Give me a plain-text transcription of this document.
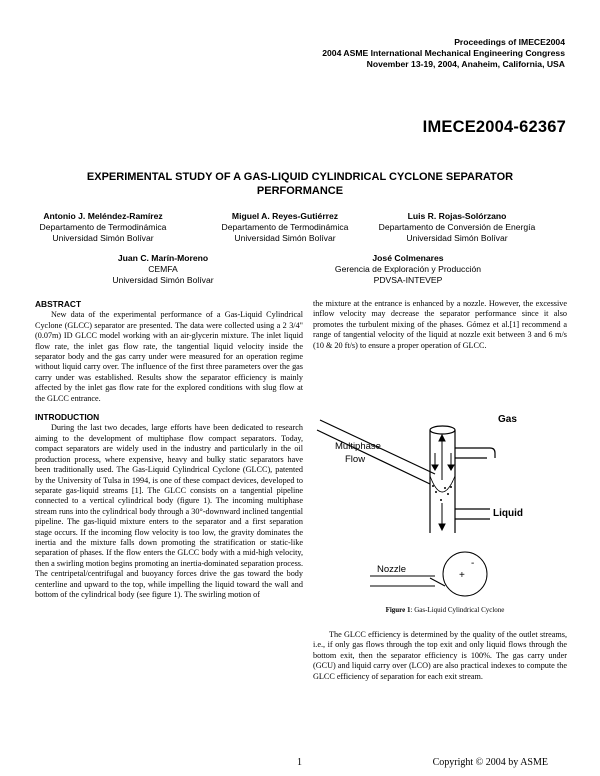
Proceedings of IMECE2004
2004 ASME International Mechanical Engineering Congress
November 13-19, 2004, Anaheim, California, USA
IMECE2004-62367
EXPERIMENTAL STUDY OF A GAS-LIQUID CYLINDRICAL CYCLONE SEPARATOR
PERFORMANCE
Antonio J. Meléndez-Ramírez
Departamento de Termodinámica
Universidad Simón Bolívar
Miguel A. Reyes-Gutiérrez
Departamento de Termodinámica
Universidad Simón Bolívar
Luis R. Rojas-Solórzano
Departamento de Conversión de Energía
Universidad Simón Bolívar
Juan C. Marín-Moreno
CEMFA
Universidad Simón Bolívar
José Colmenares
Gerencia de Exploración y Producción
PDVSA-INTEVEP
ABSTRACT

New data of the experimental performance of a Gas-Liquid Cylindrical Cyclone (GLCC) separator are presented. The data were collected using a 2 3/4" (0.07m) ID GLCC model working with an air-glycerin mixture. The inlet liquid flow rate, the inlet gas flow rate, the tangential liquid velocity inside the separator body and the gas carry under were measured for an operation regime without liquid carry over. The influence of the first three parameters over the gas carry under was established. Results show the separator efficiency is mainly affected by the inlet gas flow rate for the explored conditions with slug flow at the GLCC entrance.

INTRODUCTION

During the last two decades, large efforts have been dedicated to research aiming to the development of multiphase flow compact separators. Today, compact separators are widely used in the industry and particularly in the oil production process, where expensive, heavy and bulky static separators have been traditionally used. The Gas-Liquid Cylindrical Cyclone (GLCC), patented by the University of Tulsa in 1994, is one of these compact devices, developed to separate gas-liquid streams [1]. The GLCC consists on a tangential pipeline connected to a vertical cylindrical body (figure 1). The incoming multiphase stream runs into the cylindrical body through a 30°-downward inclined tangential pipeline. The gas-liquid mixture enters to the separator and a first separation stage occurs. If the incoming flow velocity is too low, the gravity dominates the inertia and the mixture falls down promoting the stratification or static-like separation of phases. If the flow enters the GLCC body with a mid-high velocity, then a swirling motion begins promoting an inertia-dominated separation process. The centripetal/centrifugal and buoyancy forces drive the gas toward the body centerline and upward to the top, while impelling the liquid toward the wall and bottom of the cylindrical body (see figure 1). The swirling motion of

the mixture at the entrance is enhanced by a nozzle. However, the excessive inflow velocity may decrease the separator performance since it also promotes the turbulent mixing of the phases. Gómez et al.[1] recommend a range of tangential velocity of the liquid at nozzle exit between 3 and 6 m/s (10 & 20 ft/s) to ensure a proper operation of GLCC.

Multiphase
Flow
Gas
Liquid
Nozzle
+
-
Figure 1: Gas-Liquid Cylindrical Cyclone

The GLCC efficiency is determined by the quality of the outlet streams, i.e., if only gas flows through the top exit and only liquid flows through the bottom exit, then the separator efficiency is 100%. The gas carry under (GCU) and liquid carry over (LCO) are also practical indexes to compute the GLCC efficiency of separation for each exit stream.

1	Copyright © 2004 by ASME
